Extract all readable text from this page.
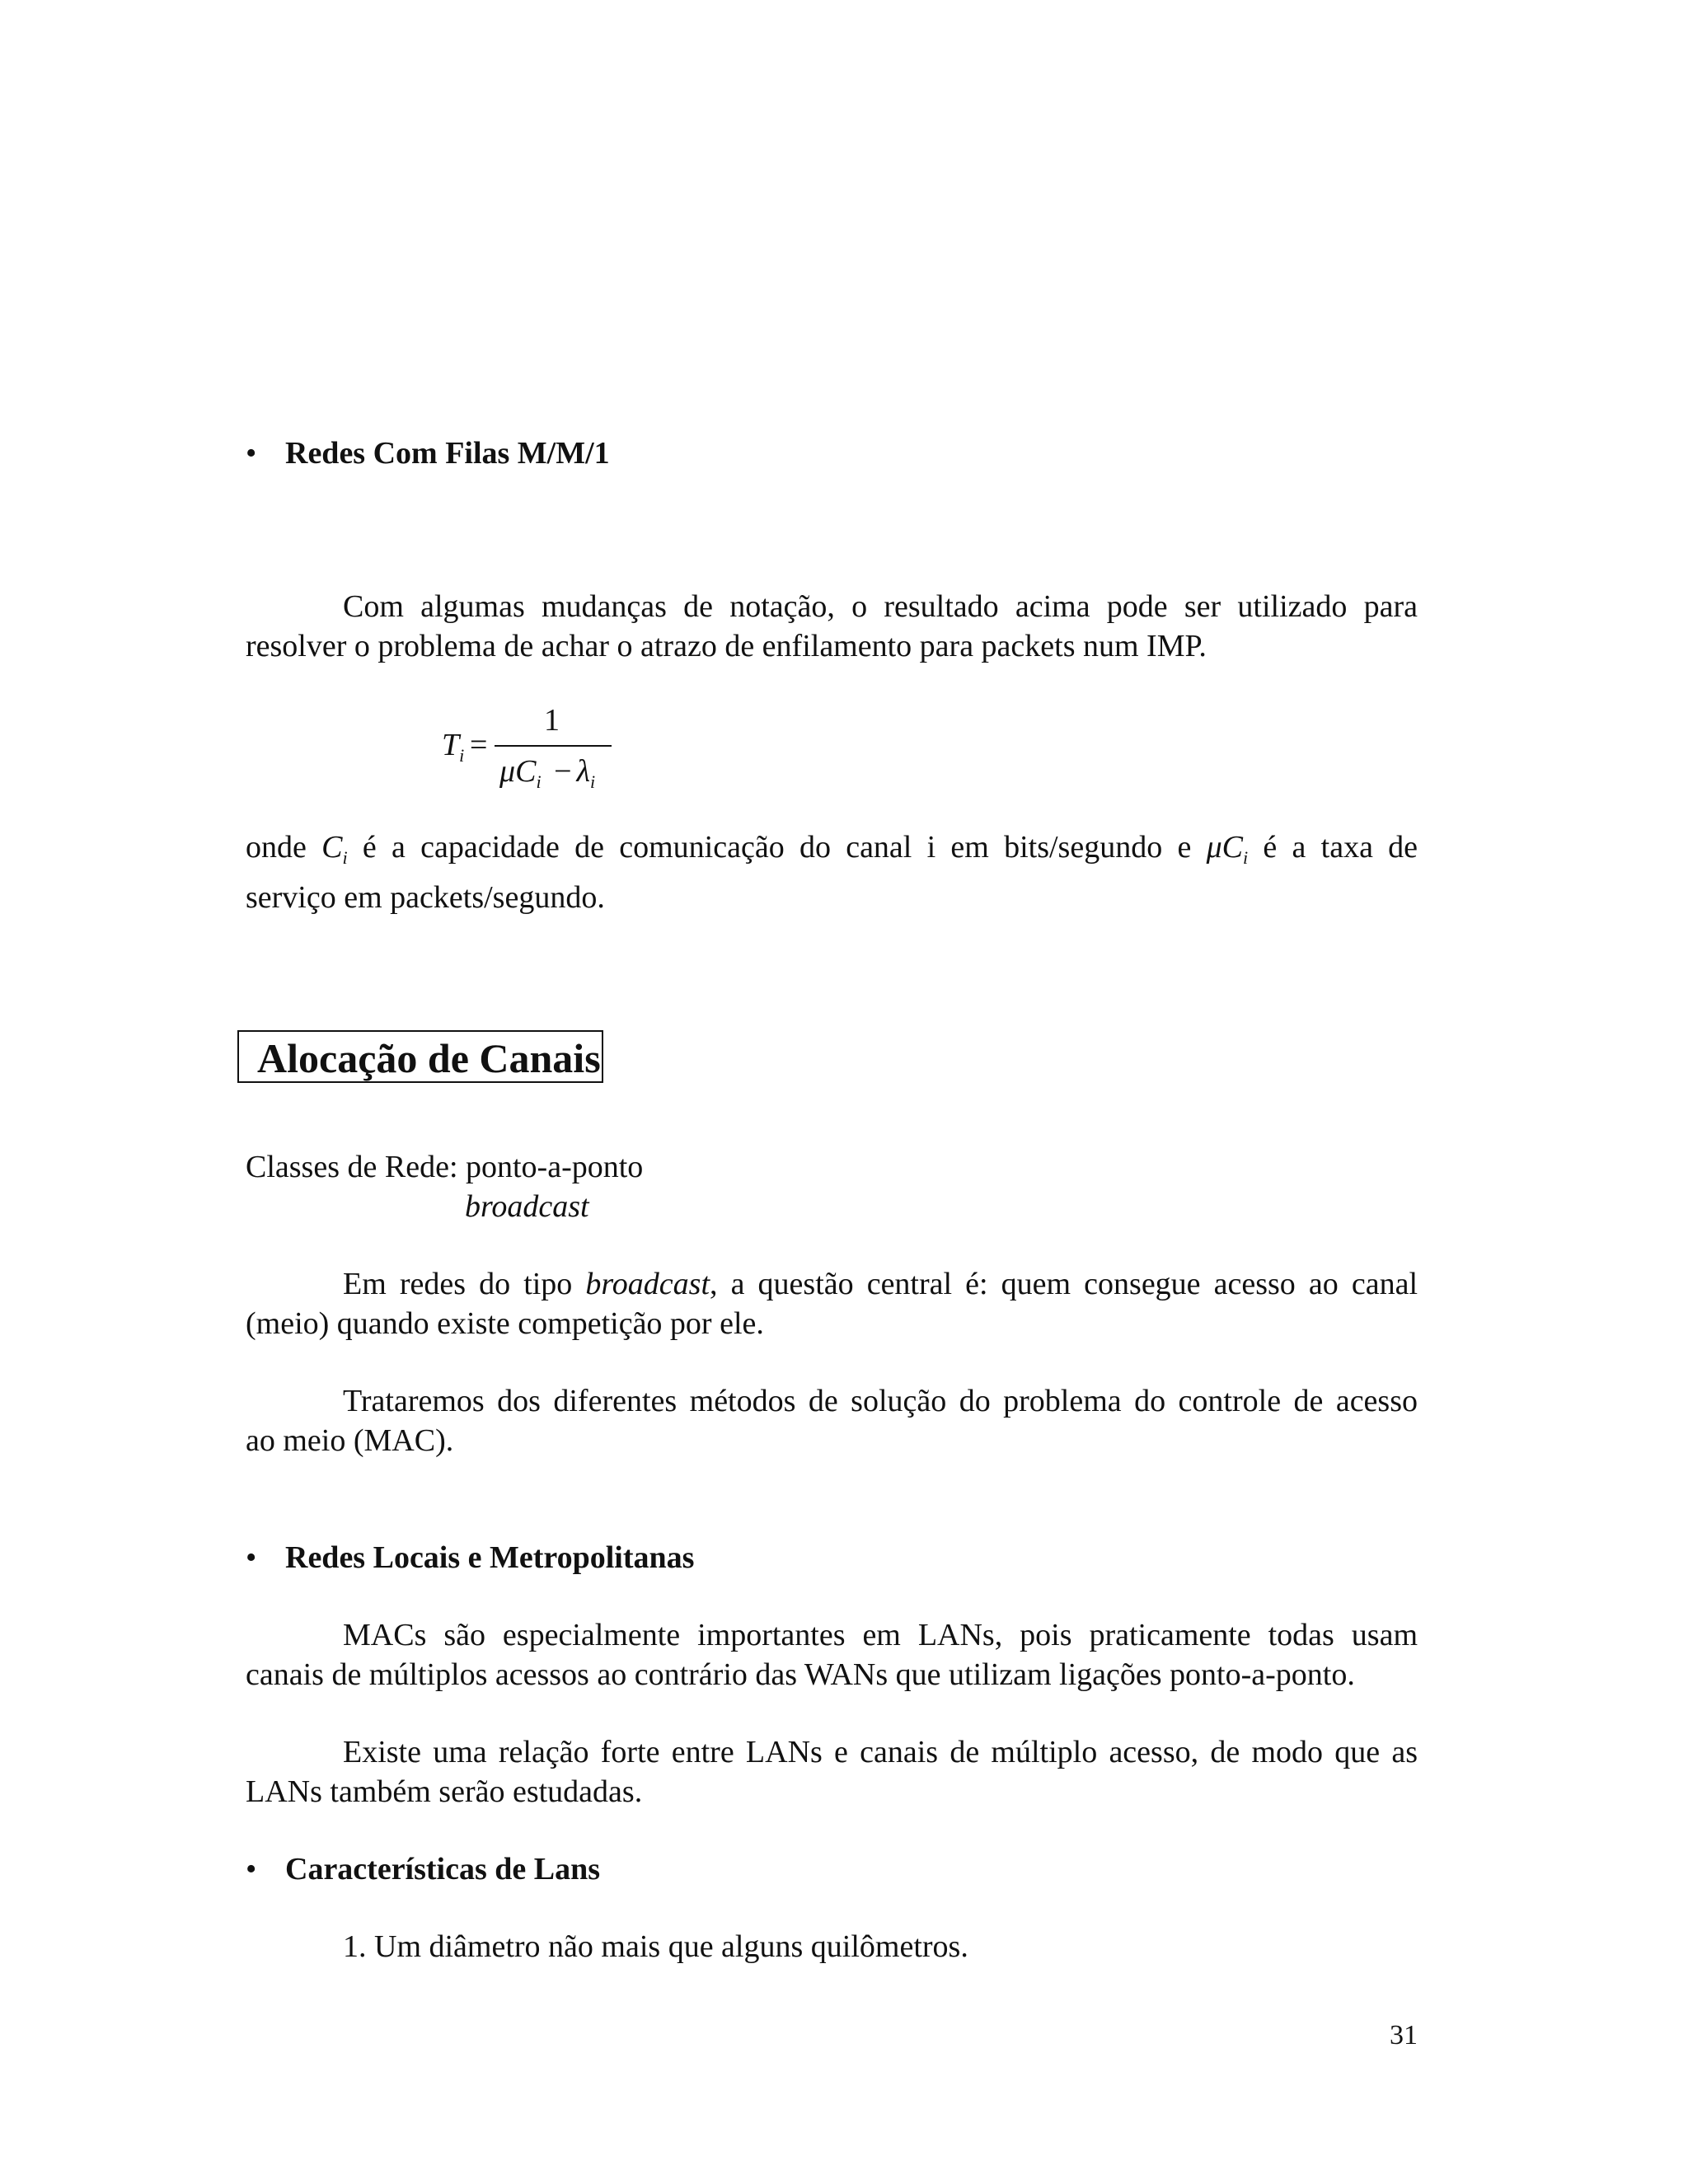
• Redes Com Filas M/M/1
Com algumas mudanças de notação, o resultado acima pode ser utilizado para
resolver o problema de achar o atrazo de enfilamento para packets num IMP.
$T_i$ =
1
$\mu C_i - \lambda_i$
onde $C_i$ é a capacidade de comunicação do canal i em bits/segundo e $\mu C_i$ é a taxa de
serviço em packets/segundo.
Alocação de Canais
Classes de Rede: ponto-a-ponto
broadcast
Em redes do tipo broadcast, a questão central é: quem consegue acesso ao canal
(meio) quando existe competição por ele.
Trataremos dos diferentes métodos de solução do problema do controle de acesso
ao meio (MAC).
• Redes Locais e Metropolitanas
MACs são especialmente importantes em LANs, pois praticamente todas usam
canais de múltiplos acessos ao contrário das WANs que utilizam ligações ponto-a-ponto.
Existe uma relação forte entre LANs e canais de múltiplo acesso, de modo que as
LANs também serão estudadas.
• Características de Lans
1. Um diâmetro não mais que alguns quilômetros.
31
